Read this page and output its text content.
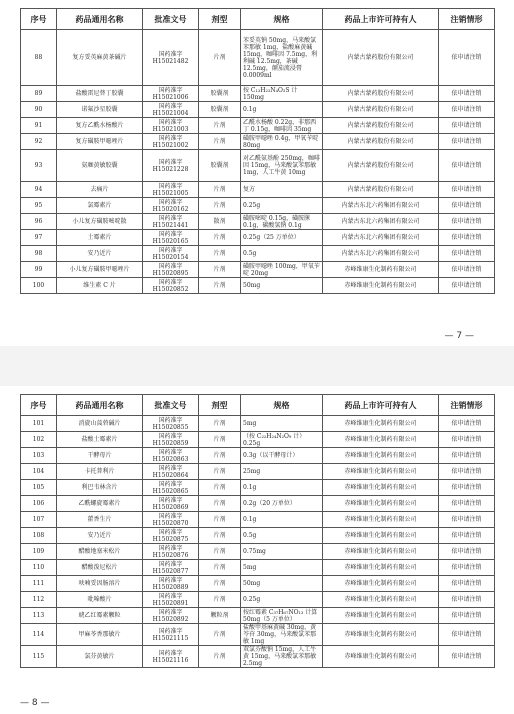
序号	药品通用名称	批准文号	剂型	规格	药品上市许可持有人	注销情形
88	复方妥英麻黄茶碱片	国药准字
H15021482	片剂	苯妥英钠 50mg，马来酸氯苯那敏 1mg，盐酸麻黄碱 15mg，咖啡因 7.5mg，利利碱 12.5mg，茶碱 12.5mg，颠茄流浸膏 0.0009ml	内蒙古蒙药股份有限公司	依申请注销
89	盐酸雷尼替丁胶囊	国药准字
H15021006	胶囊剂	按 C₁₃H₂₂N₄O₃S 计
150mg	内蒙古蒙药股份有限公司	依申请注销
90	诺氟沙星胶囊	国药准字
H15021004	胶囊剂	0.1g	内蒙古蒙药股份有限公司	依申请注销
91	复方乙酰水杨酸片	国药准字
H15021003	片剂	乙酰水杨酸 0.22g，非那西丁 0.15g，咖啡因 35mg	内蒙古蒙药股份有限公司	依申请注销
92	复方磺胺甲噁唑片	国药准字
H15021002	片剂	磺胺甲噁唑 0.4g，甲氧苄啶 80mg	内蒙古蒙药股份有限公司	依申请注销
93	氨咖黄敏胶囊	国药准字
H15021228	胶囊剂	对乙酰氨基酚 250mg，咖啡因 15mg，马来酸氯苯那敏 1mg，人工牛黄 10mg	内蒙古蒙药股份有限公司	依申请注销
94	去痛片	国药准字
H15021005	片剂	复方	内蒙古蒙药股份有限公司	依申请注销
95	氯霉素片	国药准字
H15020162	片剂	0.25g	内蒙古东北六药集团有限公司	依申请注销
96	小儿复方磺胺嘧啶散	国药准字
H15021441	散剂	磺胺嘧啶 0.15g，磺胺脒 0.1g，碳酸氢钠 0.1g	内蒙古东北六药集团有限公司	依申请注销
97	土霉素片	国药准字
H15020165	片剂	0.25g（25 万单位）	内蒙古东北六药集团有限公司	依申请注销
98	安乃近片	国药准字
H15020154	片剂	0.5g	内蒙古东北六药集团有限公司	依申请注销
99	小儿复方磺胺甲噁唑片	国药准字
H15020895	片剂	磺胺甲噁唑 100mg，甲氧苄啶 20mg	赤峰维康生化制药有限公司	依申请注销
100	维生素 C 片	国药准字
H15020852	片剂	50mg	赤峰维康生化制药有限公司	依申请注销
— 7 —
序号	药品通用名称	批准文号	剂型	规格	药品上市许可持有人	注销情形
101	消旋山莨菪碱片	国药准字
H15020855	片剂	5mg	赤峰维康生化制药有限公司	依申请注销
102	盐酸土霉素片	国药准字
H15020859	片剂	（按 C₂₂H₂₄N₂O₉ 计）
0.25g	赤峰维康生化制药有限公司	依申请注销
103	干酵母片	国药准字
H15020863	片剂	0.3g（以干酵母计）	赤峰维康生化制药有限公司	依申请注销
104	卡托普利片	国药准字
H15020864	片剂	25mg	赤峰维康生化制药有限公司	依申请注销
105	利巴韦林含片	国药准字
H15020865	片剂	0.1g	赤峰维康生化制药有限公司	依申请注销
106	乙酰螺旋霉素片	国药准字
H15020869	片剂	0.2g（20 万单位）	赤峰维康生化制药有限公司	依申请注销
107	藿香生片	国药准字
H15020870	片剂	0.1g	赤峰维康生化制药有限公司	依申请注销
108	安乃近片	国药准字
H15020875	片剂	0.5g	赤峰维康生化制药有限公司	依申请注销
109	醋酸地塞米松片	国药准字
H15020876	片剂	0.75mg	赤峰维康生化制药有限公司	依申请注销
110	醋酸泼尼松片	国药准字
H15020877	片剂	5mg	赤峰维康生化制药有限公司	依申请注销
111	呋喃妥因肠溶片	国药准字
H15020889	片剂	50mg	赤峰维康生化制药有限公司	依申请注销
112	吡嗪酸片	国药准字
H15020891	片剂	0.25g	赤峰维康生化制药有限公司	依申请注销
113	琥乙红霉素颗粒	国药准字
H15020892	颗粒剂	按红霉素 C₃₇H₆₇NO₁₃ 计算 50mg（5 万单位）	赤峰维康生化制药有限公司	依申请注销
114	甲麻苓香那敏片	国药准字
H15021115	片剂	盐酸甲基麻黄碱 30mg，黄芩苷 30mg，马来酸氯苯那敏 1mg	赤峰维康生化制药有限公司	依申请注销
115	氯芬黄敏片	国药准字
H15021116	片剂	双氯芬酸钠 15mg，人工牛黄 15mg，马来酸氯苯那敏 2.5mg	赤峰维康生化制药有限公司	依申请注销
— 8 —
